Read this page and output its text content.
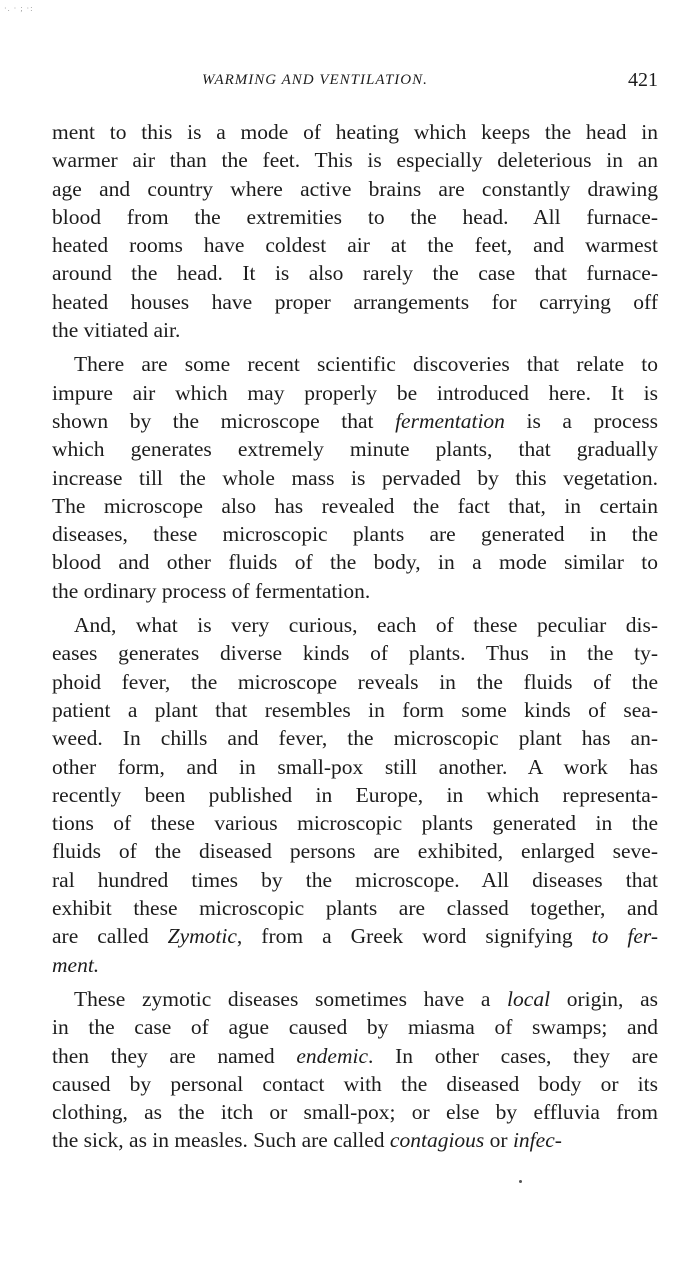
·. · ; ·:
WARMING AND VENTILATION.	421
ment to this is a mode of heating which keeps the head in
warmer air than the feet. This is especially deleterious in an
age and country where active brains are constantly drawing
blood from the extremities to the head. All furnace-
heated rooms have coldest air at the feet, and warmest
around the head. It is also rarely the case that furnace-
heated houses have proper arrangements for carrying off
the vitiated air.
There are some recent scientific discoveries that relate to
impure air which may properly be introduced here. It is
shown by the microscope that fermentation is a process
which generates extremely minute plants, that gradually
increase till the whole mass is pervaded by this vegetation.
The microscope also has revealed the fact that, in certain
diseases, these microscopic plants are generated in the
blood and other fluids of the body, in a mode similar to
the ordinary process of fermentation.
And, what is very curious, each of these peculiar dis-
eases generates diverse kinds of plants. Thus in the ty-
phoid fever, the microscope reveals in the fluids of the
patient a plant that resembles in form some kinds of sea-
weed. In chills and fever, the microscopic plant has an-
other form, and in small-pox still another. A work has
recently been published in Europe, in which representa-
tions of these various microscopic plants generated in the
fluids of the diseased persons are exhibited, enlarged seve-
ral hundred times by the microscope. All diseases that
exhibit these microscopic plants are classed together, and
are called Zymotic, from a Greek word signifying to fer-
ment.
These zymotic diseases sometimes have a local origin, as
in the case of ague caused by miasma of swamps; and
then they are named endemic. In other cases, they are
caused by personal contact with the diseased body or its
clothing, as the itch or small-pox; or else by effluvia from
the sick, as in measles. Such are called contagious or infec-
